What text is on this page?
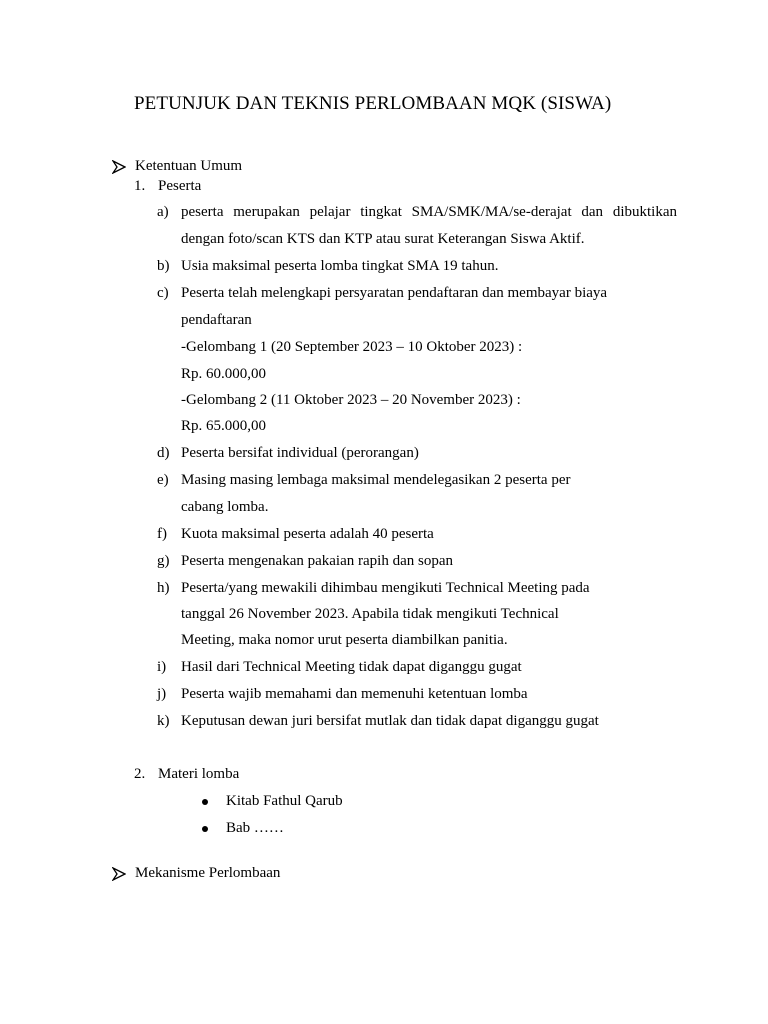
PETUNJUK DAN TEKNIS PERLOMBAAN MQK (SISWA)
Ketentuan Umum
1. Peserta
a) peserta merupakan pelajar tingkat SMA/SMK/MA/se-derajat dan dibuktikan
dengan foto/scan KTS dan KTP atau surat Keterangan Siswa Aktif.
b) Usia maksimal peserta lomba tingkat SMA 19 tahun.
c) Peserta telah melengkapi persyaratan pendaftaran dan membayar biaya
pendaftaran
-Gelombang 1 (20 September 2023 – 10 Oktober 2023) :
Rp. 60.000,00
-Gelombang 2 (11 Oktober 2023 – 20 November 2023) :
Rp. 65.000,00
d) Peserta bersifat individual (perorangan)
e) Masing masing lembaga maksimal mendelegasikan 2 peserta per
cabang lomba.
f) Kuota maksimal peserta adalah 40 peserta
g) Peserta mengenakan pakaian rapih dan sopan
h) Peserta/yang mewakili dihimbau mengikuti Technical Meeting pada
tanggal 26 November 2023. Apabila tidak mengikuti Technical
Meeting, maka nomor urut peserta diambilkan panitia.
i) Hasil dari Technical Meeting tidak dapat diganggu gugat
j) Peserta wajib memahami dan memenuhi ketentuan lomba
k) Keputusan dewan juri bersifat mutlak dan tidak dapat diganggu gugat
2. Materi lomba
Kitab Fathul Qarub
Bab ……
Mekanisme Perlombaan
